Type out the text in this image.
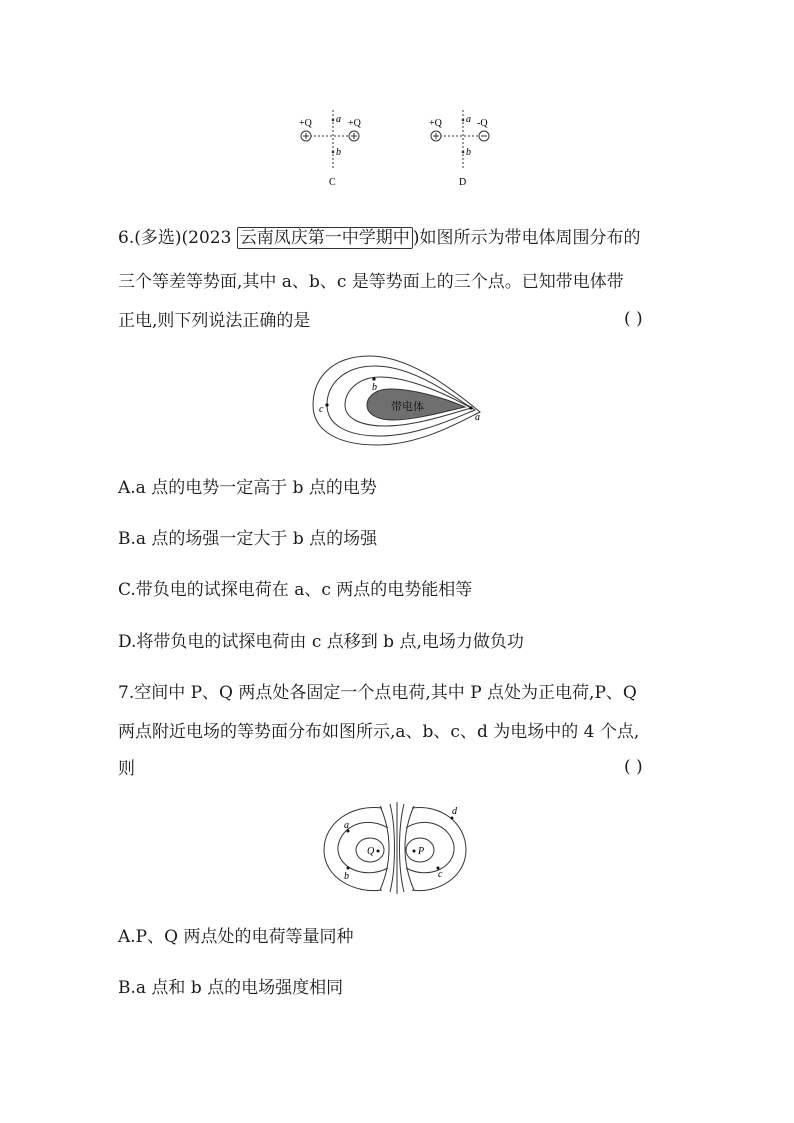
+Q	+Q
a
b
C
+Q	-Q
a
b
D
6.(多选)(2023 云南凤庆第一中学期中 )如图所示为带电体周围分布的
三个等差等势面,其中 a、b、c 是等势面上的三个点。已知带电体带
正电,则下列说法正确的是	( )
带电体
a
b
c
A.a 点的电势一定高于 b 点的电势
B.a 点的场强一定大于 b 点的场强
C.带负电的试探电荷在 a、c 两点的电势能相等
D.将带负电的试探电荷由 c 点移到 b 点,电场力做负功
7.空间中 P、Q 两点处各固定一个点电荷,其中 P 点处为正电荷,P、Q
两点附近电场的等势面分布如图所示,a、b、c、d 为电场中的 4 个点,
则	( )
Q	P
a
b	c
d
A.P、Q 两点处的电荷等量同种
B.a 点和 b 点的电场强度相同
